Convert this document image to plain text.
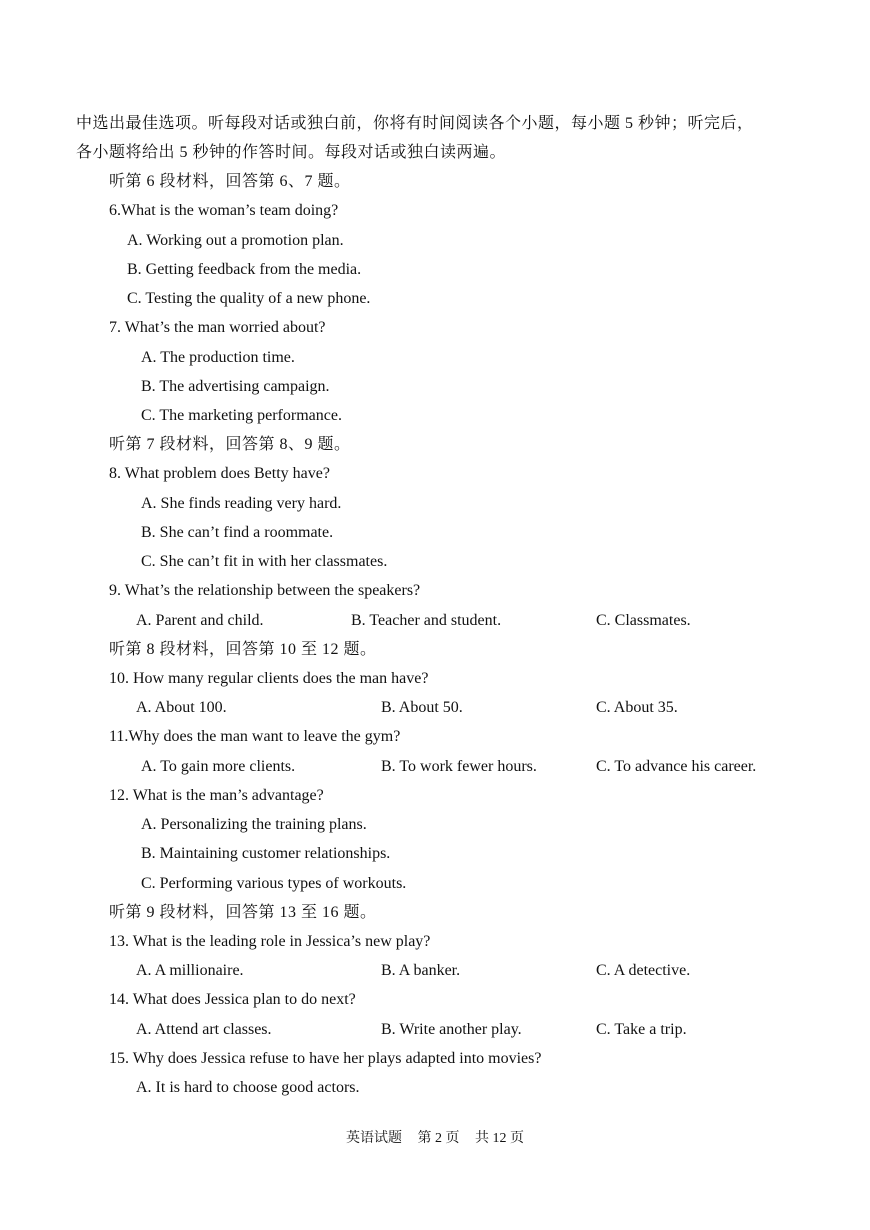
中选出最佳选项。听每段对话或独白前，你将有时间阅读各个小题，每小题 5 秒钟；听完后，
各小题将给出 5 秒钟的作答时间。每段对话或独白读两遍。
听第 6 段材料，回答第 6、7 题。
6.What is the woman’s team doing?
A. Working out a promotion plan.
B. Getting feedback from the media.
C. Testing the quality of a new phone.
7. What’s the man worried about?
A. The production time.
B. The advertising campaign.
C. The marketing performance.
听第 7 段材料，回答第 8、9 题。
8. What problem does Betty have?
A. She finds reading very hard.
B. She can’t find a roommate.
C. She can’t fit in with her classmates.
9. What’s the relationship between the speakers?
A. Parent and child.	B. Teacher and student.	C. Classmates.
听第 8 段材料，回答第 10 至 12 题。
10. How many regular clients does the man have?
A. About 100.	B. About 50.	C. About 35.
11.Why does the man want to leave the gym?
A. To gain more clients.	B. To work fewer hours.	C. To advance his career.
12. What is the man’s advantage?
A. Personalizing the training plans.
B. Maintaining customer relationships.
C. Performing various types of workouts.
听第 9 段材料，回答第 13 至 16 题。
13. What is the leading role in Jessica’s new play?
A. A millionaire.	B. A banker.	C. A detective.
14. What does Jessica plan to do next?
A. Attend art classes.	B. Write another play.	C. Take a trip.
15. Why does Jessica refuse to have her plays adapted into movies?
A. It is hard to choose good actors.
英语试题 第 2 页 共 12 页
